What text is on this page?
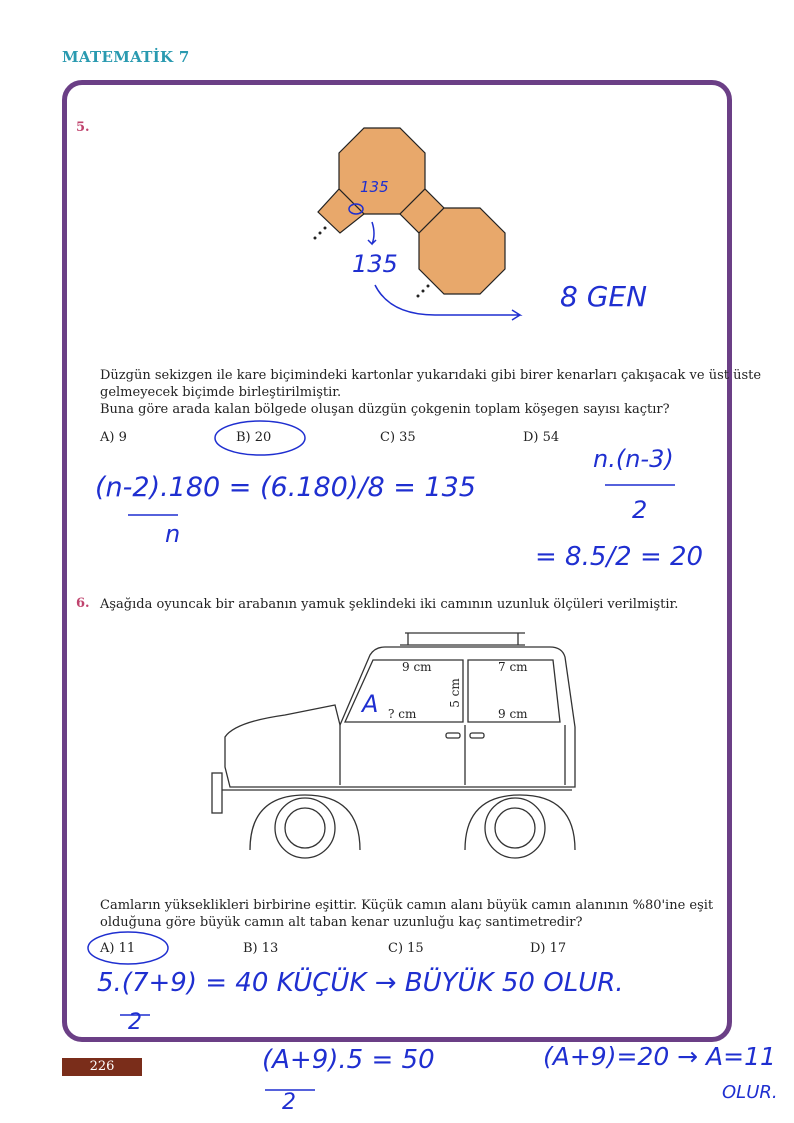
MATEMATİK 7
5.
Düzgün sekizgen ile kare biçimindeki kartonlar yukarıdaki gibi birer kenarları çakışacak ve üst üste
gelmeyecek biçimde birleştirilmiştir.
Buna göre arada kalan bölgede oluşan düzgün çokgenin toplam köşegen sayısı kaçtır?
A) 9	B) 20	C) 35	D) 54
6. Aşağıda oyuncak bir arabanın yamuk şeklindeki iki camının uzunluk ölçüleri verilmiştir.
9 cm	7 cm
5 cm
? cm	9 cm
Camların yükseklikleri birbirine eşittir. Küçük camın alanı büyük camın alanının %80'ine eşit
olduğuna göre büyük camın alt taban kenar uzunluğu kaç santimetredir?
A) 11	B) 13	C) 15	D) 17
135
135
8 GEN
(n-2).180 = (6.180)/8 = 135
n
n.(n-3)
2
= 8.5/2 = 20
A
5.(7+9) = 40 KÜÇÜK → BÜYÜK 50 OLUR.
2
(A+9).5 = 50
2
(A+9)=20 → A=11
OLUR.
226
